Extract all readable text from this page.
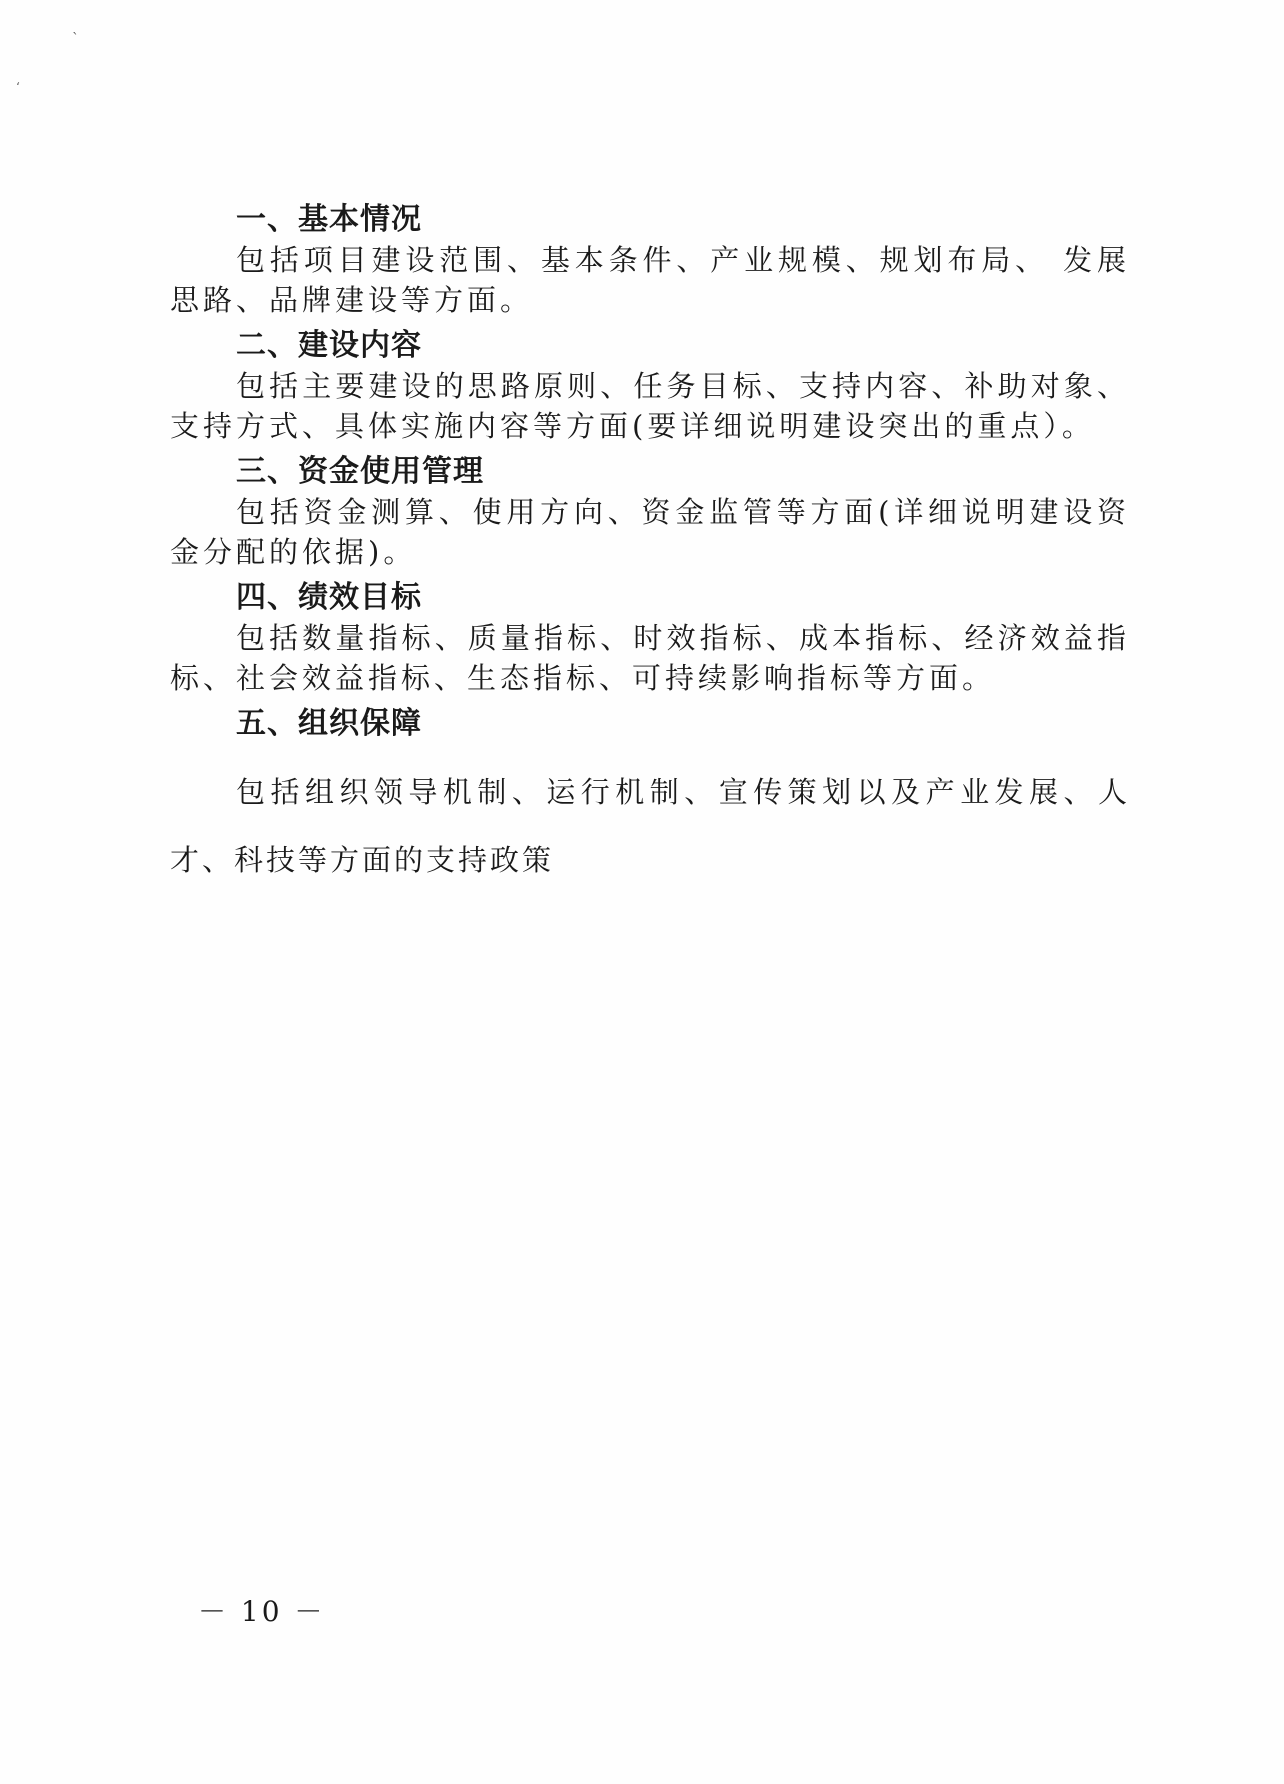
`
‘
一、基本情况

包括项目建设范围、基本条件、产业规模、规划布局、 发展思路、品牌建设等方面。

二、建设内容

包括主要建设的思路原则、任务目标、支持内容、补助对象、支持方式、具体实施内容等方面(要详细说明建设突出的重点）。

三、资金使用管理

包括资金测算、使用方向、资金监管等方面(详细说明建设资金分配的依据)。

四、绩效目标

包括数量指标、质量指标、时效指标、成本指标、经济效益指标、社会效益指标、生态指标、可持续影响指标等方面。

五、组织保障

包括组织领导机制、运行机制、宣传策划以及产业发展、人才、科技等方面的支持政策

－ 10 －
